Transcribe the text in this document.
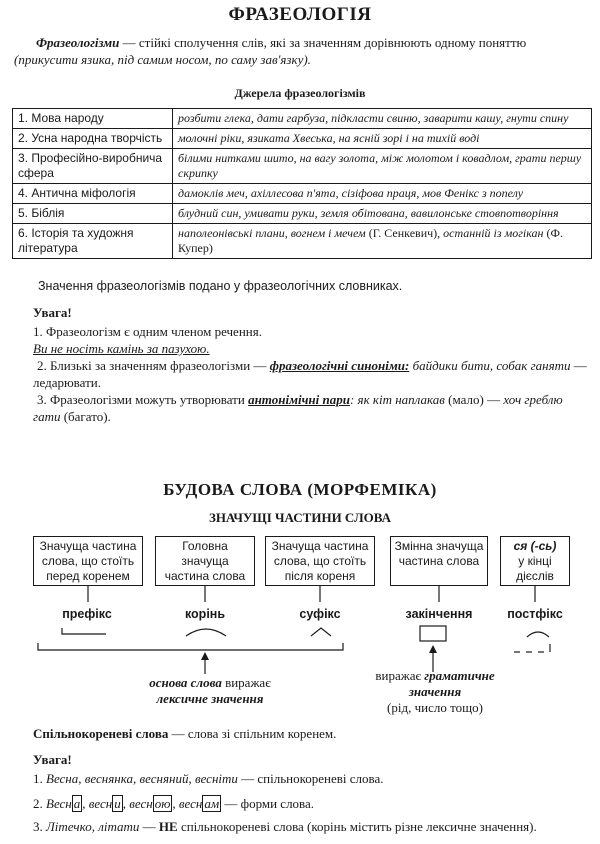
ФРАЗЕОЛОГІЯ
Фразеологізми — стійкі сполучення слів, які за значенням дорівнюють одному поняттю (прикусити язика, під самим носом, по саму зав'язку).
Джерела фразеологізмів
1. Мова народу	розбити глека, дати гарбуза, підкласти свиню, заварити кашу, гнути спину
2. Усна народна творчість	молочні ріки, язиката Хвеська, на ясній зорі і на тихій воді
3. Професійно-виробнича сфера	білими нитками шито, на вагу золота, між молотом і ковадлом, грати першу скрипку
4. Антична міфологія	дамоклів меч, ахіллесова п'ята, сізіфова праця, мов Фенікс з попелу
5. Біблія	блудний син, умивати руки, земля обітована, вавилонське стовпотворіння
6. Історія та художня література	наполеонівські плани, вогнем і мечем (Г. Сенкевич), останній із могікан (Ф. Купер)
Значення фразеологізмів подано у фразеологічних словниках.
Увага!
1. Фразеологізм є одним членом речення.
Ви не носіть камінь за пазухою.
2. Близькі за значенням фразеологізми — фразеологічні синоніми: байдики бити, собак ганяти — ледарювати.
3. Фразеологізми можуть утворювати антонімічні пари: як кіт наплакав (мало) — хоч греблю гати (багато).
БУДОВА СЛОВА (МОРФЕМІКА)
ЗНАЧУЩІ ЧАСТИНИ СЛОВА
Значуща частина слова, що стоїть перед коренем
Головна значуща частина слова
Значуща частина слова, що стоїть після кореня
Змінна значуща частина слова
ся (-сь)
у кінці дієслів
префікс	корінь	суфікс	закінчення	постфікс
основа слова виражає
лексичне значення
виражає граматичне
значення
(рід, число тощо)
Спільнокореневі слова — слова зі спільним коренем.
Увага!
1. Весна, веснянка, весняний, весніти — спільнокореневі слова.
2. Весн а , весн и , весн ою , весн ам — форми слова.
3. Літечко, літати — НЕ спільнокореневі слова (корінь містить різне лексичне значення).
